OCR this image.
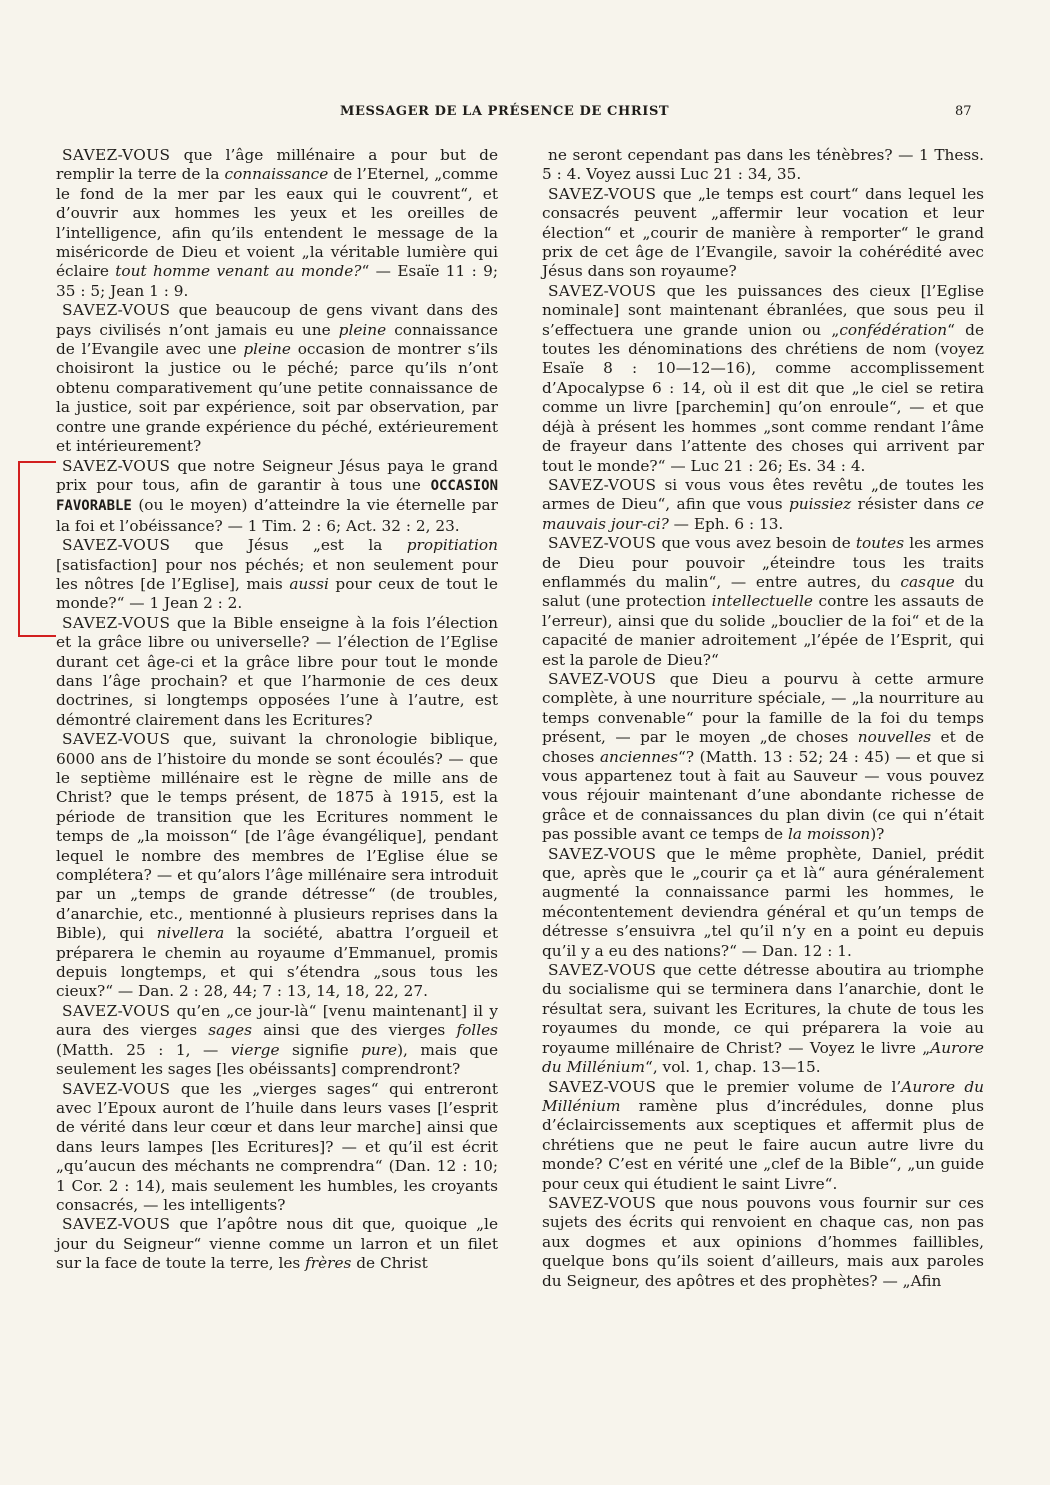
MESSAGER DE LA PRÉSENCE DE CHRIST	87

SAVEZ-VOUS que l’âge millénaire a pour but de remplir la terre de la connaissance de l’Eternel, „comme le fond de la mer par les eaux qui le couvrent“, et d’ouvrir aux hommes les yeux et les oreilles de l’intelligence, afin qu’ils entendent le message de la miséricorde de Dieu et voient „la véritable lumière qui éclaire tout homme venant au monde?“ — Esaïe 11 : 9; 35 : 5; Jean 1 : 9.

SAVEZ-VOUS que beaucoup de gens vivant dans des pays civilisés n’ont jamais eu une pleine connaissance de l’Evangile avec une pleine occasion de montrer s’ils choisiront la justice ou le péché; parce qu’ils n’ont obtenu comparativement qu’une petite connaissance de la justice, soit par expérience, soit par observation, par contre une grande expérience du péché, extérieurement et intérieurement?

SAVEZ-VOUS que notre Seigneur Jésus paya le grand prix pour tous, afin de garantir à tous une OCCASION FAVORABLE (ou le moyen) d’atteindre la vie éternelle par la foi et l’obéissance? — 1 Tim. 2 : 6; Act. 32 : 2, 23.

SAVEZ-VOUS que Jésus „est la propitiation [satisfaction] pour nos péchés; et non seulement pour les nôtres [de l’Eglise], mais aussi pour ceux de tout le monde?“ — 1 Jean 2 : 2.

SAVEZ-VOUS que la Bible enseigne à la fois l’élection et la grâce libre ou universelle? — l’élection de l’Eglise durant cet âge-ci et la grâce libre pour tout le monde dans l’âge prochain? et que l’harmonie de ces deux doctrines, si longtemps opposées l’une à l’autre, est démontré clairement dans les Ecritures?

SAVEZ-VOUS que, suivant la chronologie biblique, 6000 ans de l’histoire du monde se sont écoulés? — que le septième millénaire est le règne de mille ans de Christ? que le temps présent, de 1875 à 1915, est la période de transition que les Ecritures nomment le temps de „la moisson“ [de l’âge évangélique], pendant lequel le nombre des membres de l’Eglise élue se complétera? — et qu’alors l’âge millénaire sera introduit par un „temps de grande détresse“ (de troubles, d’anarchie, etc., mentionné à plusieurs reprises dans la Bible), qui nivellera la société, abattra l’orgueil et préparera le chemin au royaume d’Emmanuel, promis depuis longtemps, et qui s’étendra „sous tous les cieux?“ — Dan. 2 : 28, 44; 7 : 13, 14, 18, 22, 27.

SAVEZ-VOUS qu’en „ce jour-là“ [venu maintenant] il y aura des vierges sages ainsi que des vierges folles (Matth. 25 : 1, — vierge signifie pure), mais que seulement les sages [les obéissants] comprendront?

SAVEZ-VOUS que les „vierges sages“ qui entreront avec l’Epoux auront de l’huile dans leurs vases [l’esprit de vérité dans leur cœur et dans leur marche] ainsi que dans leurs lampes [les Ecritures]? — et qu’il est écrit „qu’aucun des méchants ne comprendra“ (Dan. 12 : 10; 1 Cor. 2 : 14), mais seulement les humbles, les croyants consacrés, — les intelligents?

SAVEZ-VOUS que l’apôtre nous dit que, quoique „le jour du Seigneur“ vienne comme un larron et un filet sur la face de toute la terre, les frères de Christ

ne seront cependant pas dans les ténèbres? — 1 Thess. 5 : 4. Voyez aussi Luc 21 : 34, 35.

SAVEZ-VOUS que „le temps est court“ dans lequel les consacrés peuvent „affermir leur vocation et leur élection“ et „courir de manière à remporter“ le grand prix de cet âge de l’Evangile, savoir la cohérédité avec Jésus dans son royaume?

SAVEZ-VOUS que les puissances des cieux [l’Eglise nominale] sont maintenant ébranlées, que sous peu il s’effectuera une grande union ou „confédération“ de toutes les dénominations des chrétiens de nom (voyez Esaïe 8 : 10—12—16), comme accomplissement d’Apocalypse 6 : 14, où il est dit que „le ciel se retira comme un livre [parchemin] qu’on enroule“, — et que déjà à présent les hommes „sont comme rendant l’âme de frayeur dans l’attente des choses qui arrivent par tout le monde?“ — Luc 21 : 26; Es. 34 : 4.

SAVEZ-VOUS si vous vous êtes revêtu „de toutes les armes de Dieu“, afin que vous puissiez résister dans ce mauvais jour-ci? — Eph. 6 : 13.

SAVEZ-VOUS que vous avez besoin de toutes les armes de Dieu pour pouvoir „éteindre tous les traits enflammés du malin“, — entre autres, du casque du salut (une protection intellectuelle contre les assauts de l’erreur), ainsi que du solide „bouclier de la foi“ et de la capacité de manier adroitement „l’épée de l’Esprit, qui est la parole de Dieu?“

SAVEZ-VOUS que Dieu a pourvu à cette armure complète, à une nourriture spéciale, — „la nourriture au temps convenable“ pour la famille de la foi du temps présent, — par le moyen „de choses nouvelles et de choses anciennes“? (Matth. 13 : 52; 24 : 45) — et que si vous appartenez tout à fait au Sauveur — vous pouvez vous réjouir maintenant d’une abondante richesse de grâce et de connaissances du plan divin (ce qui n’était pas possible avant ce temps de la moisson)?

SAVEZ-VOUS que le même prophète, Daniel, prédit que, après que le „courir ça et là“ aura généralement augmenté la connaissance parmi les hommes, le mécontentement deviendra général et qu’un temps de détresse s’ensuivra „tel qu’il n’y en a point eu depuis qu’il y a eu des nations?“ — Dan. 12 : 1.

SAVEZ-VOUS que cette détresse aboutira au triomphe du socialisme qui se terminera dans l’anarchie, dont le résultat sera, suivant les Ecritures, la chute de tous les royaumes du monde, ce qui préparera la voie au royaume millénaire de Christ? — Voyez le livre „Aurore du Millénium“, vol. 1, chap. 13—15.

SAVEZ-VOUS que le premier volume de l’Aurore du Millénium ramène plus d’incrédules, donne plus d’éclaircissements aux sceptiques et affermit plus de chrétiens que ne peut le faire aucun autre livre du monde? C’est en vérité une „clef de la Bible“, „un guide pour ceux qui étudient le saint Livre“.

SAVEZ-VOUS que nous pouvons vous fournir sur ces sujets des écrits qui renvoient en chaque cas, non pas aux dogmes et aux opinions d’hommes faillibles, quelque bons qu’ils soient d’ailleurs, mais aux paroles du Seigneur, des apôtres et des prophètes? — „Afin
